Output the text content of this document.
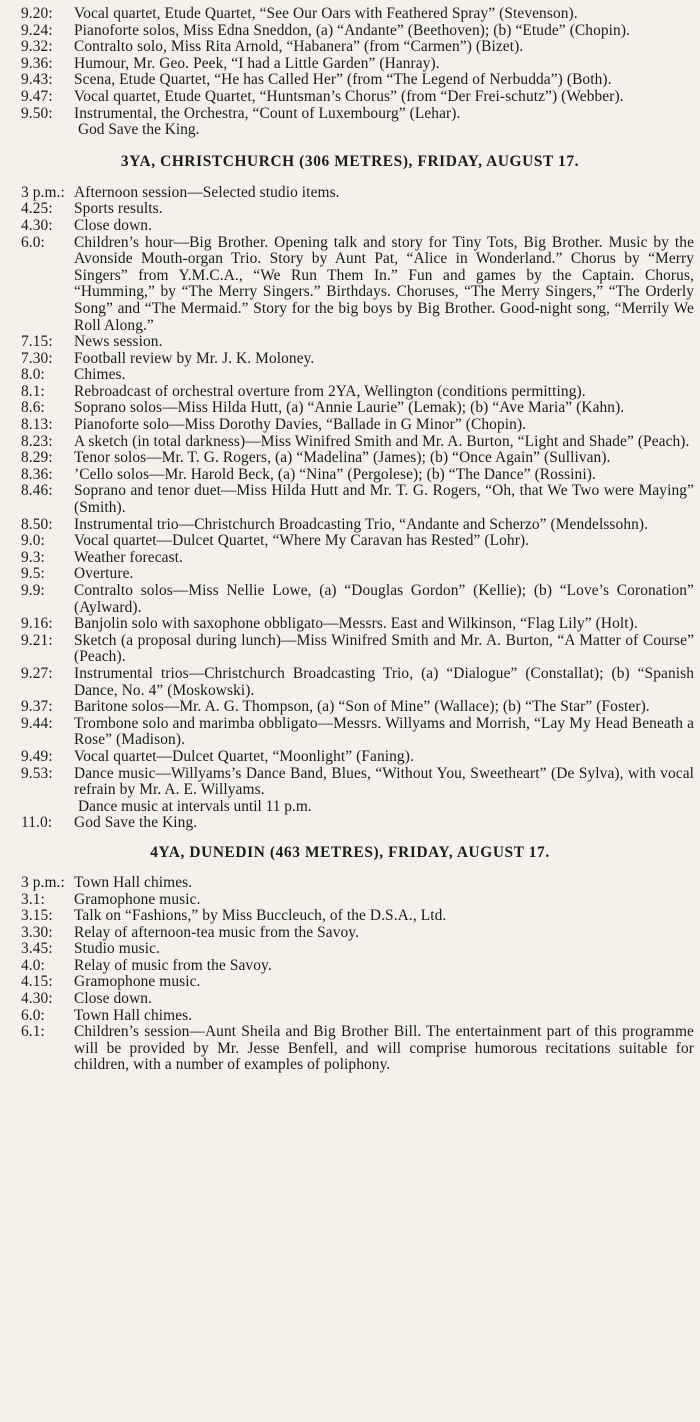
9.20:	Vocal quartet, Etude Quartet, “See Our Oars with Feathered Spray” (Stevenson).
9.24:	Pianoforte solos, Miss Edna Sneddon, (a) “Andante” (Beethoven); (b) “Etude” (Chopin).
9.32:	Contralto solo, Miss Rita Arnold, “Habanera” (from “Carmen”) (Bizet).
9.36:	Humour, Mr. Geo. Peek, “I had a Little Garden” (Hanray).
9.43:	Scena, Etude Quartet, “He has Called Her” (from “The Legend of Nerbudda”) (Both).
9.47:	Vocal quartet, Etude Quartet, “Huntsman’s Chorus” (from “Der Frei-schutz”) (Webber).
9.50:	Instrumental, the Orchestra, “Count of Luxembourg” (Lehar).
God Save the King.
3YA, CHRISTCHURCH (306 METRES), FRIDAY, AUGUST 17.
3 p.m.: Afternoon session—Selected studio items.
4.25:	Sports results.
4.30:	Close down.
6.0:	Children’s hour—Big Brother. Opening talk and story for Tiny Tots, Big Brother. Music by the Avonside Mouth-organ Trio. Story by Aunt Pat, “Alice in Wonderland.” Chorus by “Merry Singers” from Y.M.C.A., “We Run Them In.” Fun and games by the Captain. Chorus, “Humming,” by “The Merry Singers.” Birthdays. Choruses, “The Merry Singers,” “The Orderly Song” and “The Mermaid.” Story for the big boys by Big Brother. Good-night song, “Merrily We Roll Along.”
7.15:	News session.
7.30:	Football review by Mr. J. K. Moloney.
8.0:	Chimes.
8.1:	Rebroadcast of orchestral overture from 2YA, Wellington (conditions permitting).
8.6:	Soprano solos—Miss Hilda Hutt, (a) “Annie Laurie” (Lemak); (b) “Ave Maria” (Kahn).
8.13:	Pianoforte solo—Miss Dorothy Davies, “Ballade in G Minor” (Chopin).
8.23:	A sketch (in total darkness)—Miss Winifred Smith and Mr. A. Burton, “Light and Shade” (Peach).
8.29:	Tenor solos—Mr. T. G. Rogers, (a) “Madelina” (James); (b) “Once Again” (Sullivan).
8.36:	’Cello solos—Mr. Harold Beck, (a) “Nina” (Pergolese); (b) “The Dance” (Rossini).
8.46:	Soprano and tenor duet—Miss Hilda Hutt and Mr. T. G. Rogers, “Oh, that We Two were Maying” (Smith).
8.50:	Instrumental trio—Christchurch Broadcasting Trio, “Andante and Scherzo” (Mendelssohn).
9.0:	Vocal quartet—Dulcet Quartet, “Where My Caravan has Rested” (Lohr).
9.3:	Weather forecast.
9.5:	Overture.
9.9:	Contralto solos—Miss Nellie Lowe, (a) “Douglas Gordon” (Kellie); (b) “Love’s Coronation” (Aylward).
9.16:	Banjolin solo with saxophone obbligato—Messrs. East and Wilkinson, “Flag Lily” (Holt).
9.21:	Sketch (a proposal during lunch)—Miss Winifred Smith and Mr. A. Burton, “A Matter of Course” (Peach).
9.27:	Instrumental trios—Christchurch Broadcasting Trio, (a) “Dialogue” (Constallat); (b) “Spanish Dance, No. 4” (Moskowski).
9.37:	Baritone solos—Mr. A. G. Thompson, (a) “Son of Mine” (Wallace); (b) “The Star” (Foster).
9.44:	Trombone solo and marimba obbligato—Messrs. Willyams and Morrish, “Lay My Head Beneath a Rose” (Madison).
9.49:	Vocal quartet—Dulcet Quartet, “Moonlight” (Faning).
9.53:	Dance music—Willyams’s Dance Band, Blues, “Without You, Sweetheart” (De Sylva), with vocal refrain by Mr. A. E. Willyams.
Dance music at intervals until 11 p.m.
11.0:	God Save the King.
4YA, DUNEDIN (463 METRES), FRIDAY, AUGUST 17.
3 p.m.: Town Hall chimes.
3.1:	Gramophone music.
3.15:	Talk on “Fashions,” by Miss Buccleuch, of the D.S.A., Ltd.
3.30:	Relay of afternoon-tea music from the Savoy.
3.45:	Studio music.
4.0:	Relay of music from the Savoy.
4.15:	Gramophone music.
4.30:	Close down.
6.0:	Town Hall chimes.
6.1:	Children’s session—Aunt Sheila and Big Brother Bill. The entertainment part of this programme will be provided by Mr. Jesse Benfell, and will comprise humorous recitations suitable for children, with a number of examples of poliphony.
